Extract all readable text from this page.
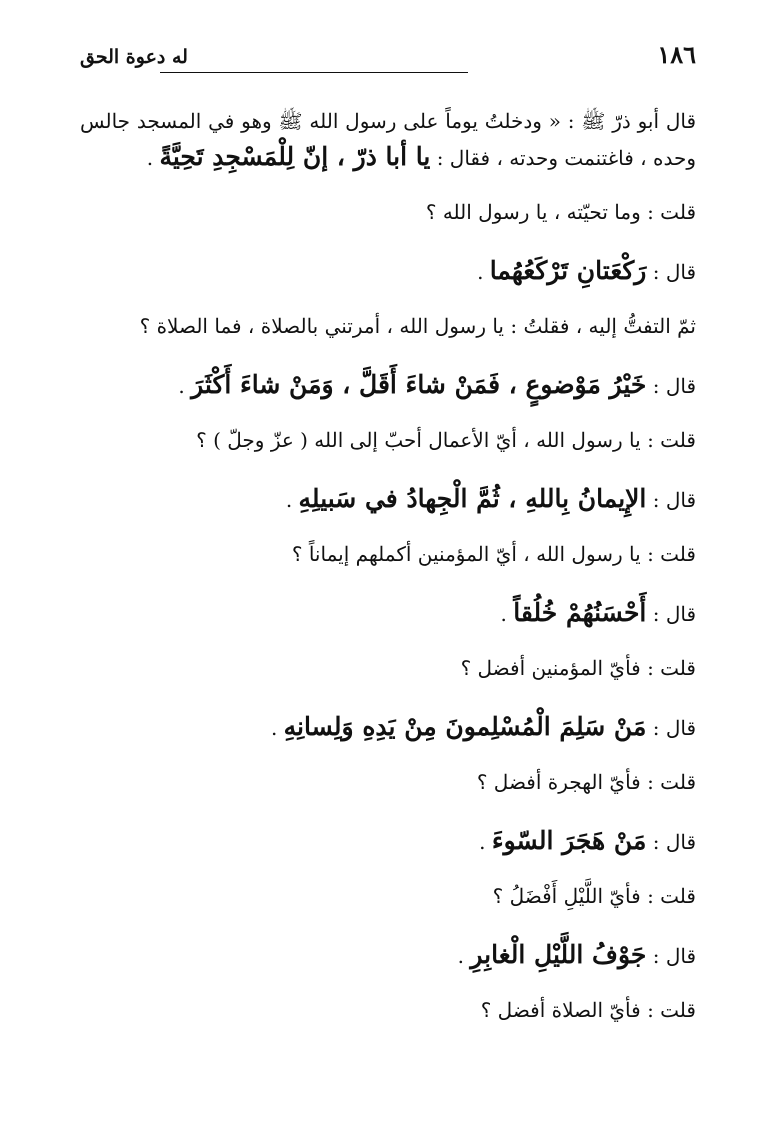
١٨٦
له دعوة الحق

قال أبو ذرّ ﷺ : « ودخلتُ يوماً على رسول الله ﷺ وهو في المسجد جالس وحده ، فاغتنمت وحدته ، فقال : يا أبا ذرّ ، إنّ لِلْمَسْجِدِ تَحِيَّةً .

قلت : وما تحيّته ، يا رسول الله ؟

قال : رَكْعَتانِ تَرْكَعُهُما .

ثمّ التفتُّ إليه ، فقلتُ : يا رسول الله ، أمرتني بالصلاة ، فما الصلاة ؟

قال : خَيْرُ مَوْضوعٍ ، فَمَنْ شاءَ أَقَلَّ ، وَمَنْ شاءَ أَكْثَرَ .

قلت : يا رسول الله ، أيّ الأعمال أحبّ إلى الله ( عزّ وجلّ ) ؟

قال : الإِيمانُ بِاللهِ ، ثُمَّ الْجِهادُ في سَبيلِهِ .

قلت : يا رسول الله ، أيّ المؤمنين أكملهم إيماناً ؟

قال : أَحْسَنُهُمْ خُلُقاً .

قلت : فأيّ المؤمنين أفضل ؟

قال : مَنْ سَلِمَ الْمُسْلِمونَ مِنْ يَدِهِ وَلِسانِهِ .

قلت : فأيّ الهجرة أفضل ؟

قال : مَنْ هَجَرَ السّوءَ .

قلت : فأيّ اللَّيْلِ أَفْضَلُ ؟

قال : جَوْفُ اللَّيْلِ الْغابِرِ .

قلت : فأيّ الصلاة أفضل ؟
